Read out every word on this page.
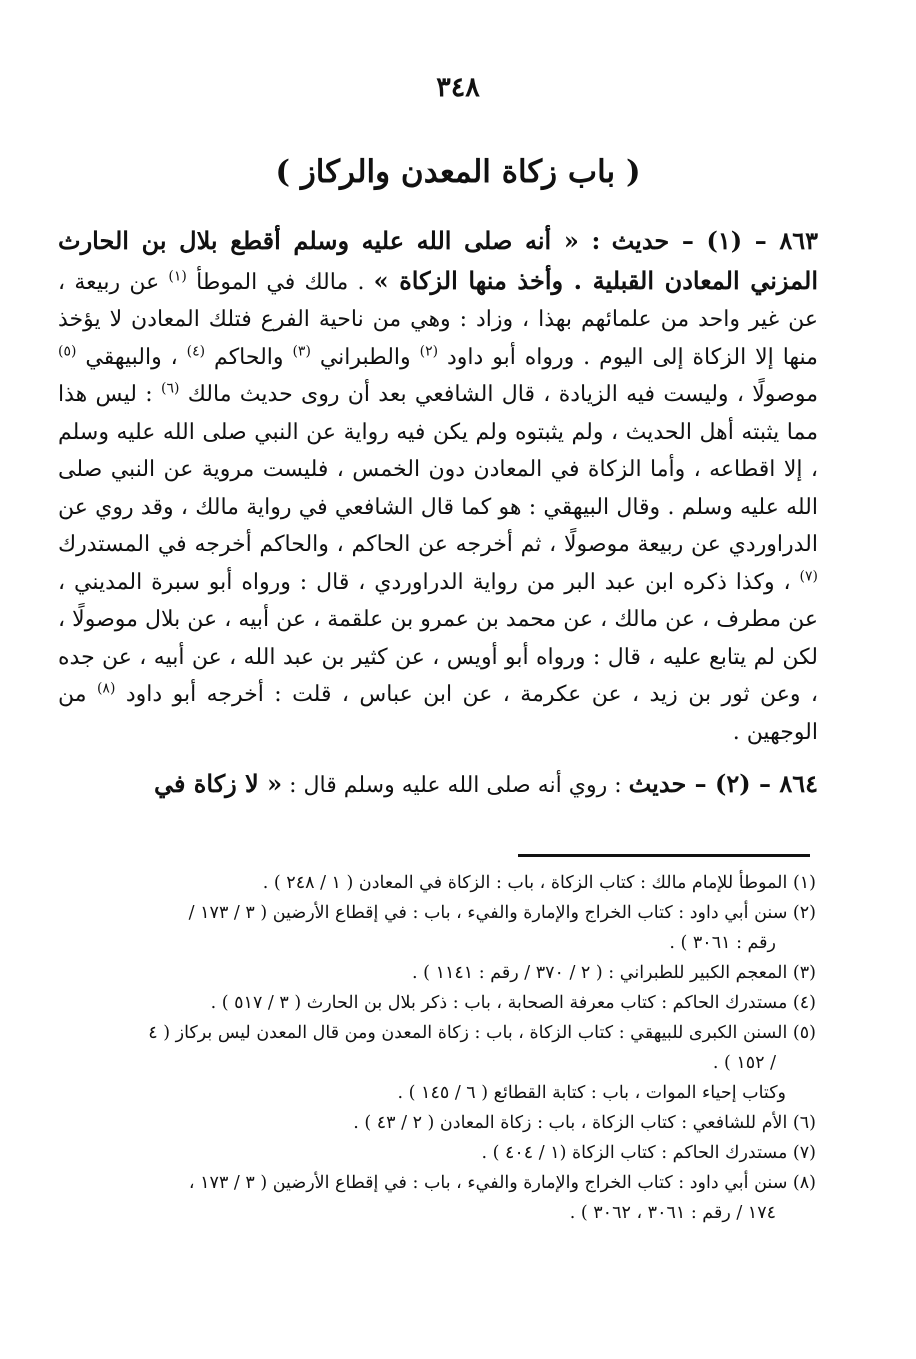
٣٤٨
( باب زكاة المعدن والركاز )

٨٦٣ – (١) – حديث : « أنه صلى الله عليه وسلم أقطع بلال بن الحارث المزني المعادن القبلية . وأخذ منها الزكاة » . مالك في الموطأ $^{(١)}$ عن ربيعة ، عن غير واحد من علمائهم بهذا ، وزاد : وهي من ناحية الفرع فتلك المعادن لا يؤخذ منها إلا الزكاة إلى اليوم . ورواه أبو داود $^{(٢)}$ والطبراني $^{(٣)}$ والحاكم $^{(٤)}$ ، والبيهقي $^{(٥)}$ موصولًا ، وليست فيه الزيادة ، قال الشافعي بعد أن روى حديث مالك $^{(٦)}$ : ليس هذا مما يثبته أهل الحديث ، ولم يثبتوه ولم يكن فيه رواية عن النبي صلى الله عليه وسلم ، إلا اقطاعه ، وأما الزكاة في المعادن دون الخمس ، فليست مروية عن النبي صلى الله عليه وسلم . وقال البيهقي : هو كما قال الشافعي في رواية مالك ، وقد روي عن الدراوردي عن ربيعة موصولًا ، ثم أخرجه عن الحاكم ، والحاكم أخرجه في المستدرك $^{(٧)}$ ، وكذا ذكره ابن عبد البر من رواية الدراوردي ، قال : ورواه أبو سبرة المديني ، عن مطرف ، عن مالك ، عن محمد بن عمرو بن علقمة ، عن أبيه ، عن بلال موصولًا ، لكن لم يتابع عليه ، قال : ورواه أبو أويس ، عن كثير بن عبد الله ، عن أبيه ، عن جده ، وعن ثور بن زيد ، عن عكرمة ، عن ابن عباس ، قلت : أخرجه أبو داود $^{(٨)}$ من الوجهين .

٨٦٤ – (٢) – حديث : روي أنه صلى الله عليه وسلم قال : « لا زكاة في

(١) الموطأ للإمام مالك : كتاب الزكاة ، باب : الزكاة في المعادن ( ١ / ٢٤٨ ) .

(٢) سنن أبي داود : كتاب الخراج والإمارة والفيء ، باب : في إقطاع الأرضين ( ٣ / ١٧٣ /

رقم : ٣٠٦١ ) .

(٣) المعجم الكبير للطبراني : ( ٢ / ٣٧٠ / رقم : ١١٤١ ) .

(٤) مستدرك الحاكم : كتاب معرفة الصحابة ، باب : ذكر بلال بن الحارث ( ٣ / ٥١٧ ) .

(٥) السنن الكبرى للبيهقي : كتاب الزكاة ، باب : زكاة المعدن ومن قال المعدن ليس بركاز ( ٤

/ ١٥٢ ) .

وكتاب إحياء الموات ، باب : كتابة القطائع ( ٦ / ١٤٥ ) .

(٦) الأم للشافعي : كتاب الزكاة ، باب : زكاة المعادن ( ٢ / ٤٣ ) .

(٧) مستدرك الحاكم : كتاب الزكاة (١ / ٤٠٤ ) .

(٨) سنن أبي داود : كتاب الخراج والإمارة والفيء ، باب : في إقطاع الأرضين ( ٣ / ١٧٣ ،

١٧٤ / رقم : ٣٠٦١ ، ٣٠٦٢ ) .
